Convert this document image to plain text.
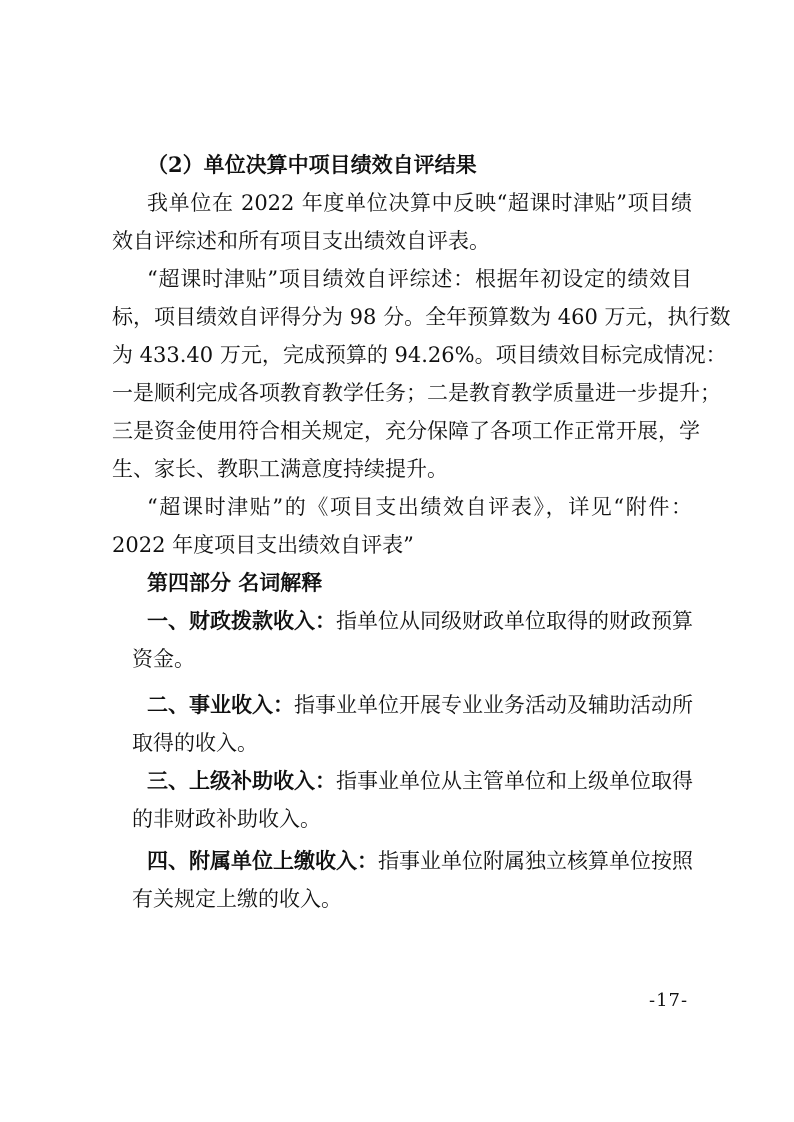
（2）单位决算中项目绩效自评结果
我单位在 2022 年度单位决算中反映“超课时津贴”项目绩
效自评综述和所有项目支出绩效自评表。
“超课时津贴”项目绩效自评综述：根据年初设定的绩效目
标，项目绩效自评得分为 98 分。全年预算数为 460 万元，执行数
为 433.40 万元，完成预算的 94.26%。项目绩效目标完成情况：
一是顺利完成各项教育教学任务；二是教育教学质量进一步提升；
三是资金使用符合相关规定，充分保障了各项工作正常开展，学
生、家长、教职工满意度持续提升。
“超课时津贴”的《项目支出绩效自评表》，详见“附件：
2022 年度项目支出绩效自评表”
第四部分 名词解释
一、财政拨款收入：指单位从同级财政单位取得的财政预算
资金。
二、事业收入：指事业单位开展专业业务活动及辅助活动所
取得的收入。
三、上级补助收入：指事业单位从主管单位和上级单位取得
的非财政补助收入。
四、附属单位上缴收入：指事业单位附属独立核算单位按照
有关规定上缴的收入。
-17-
